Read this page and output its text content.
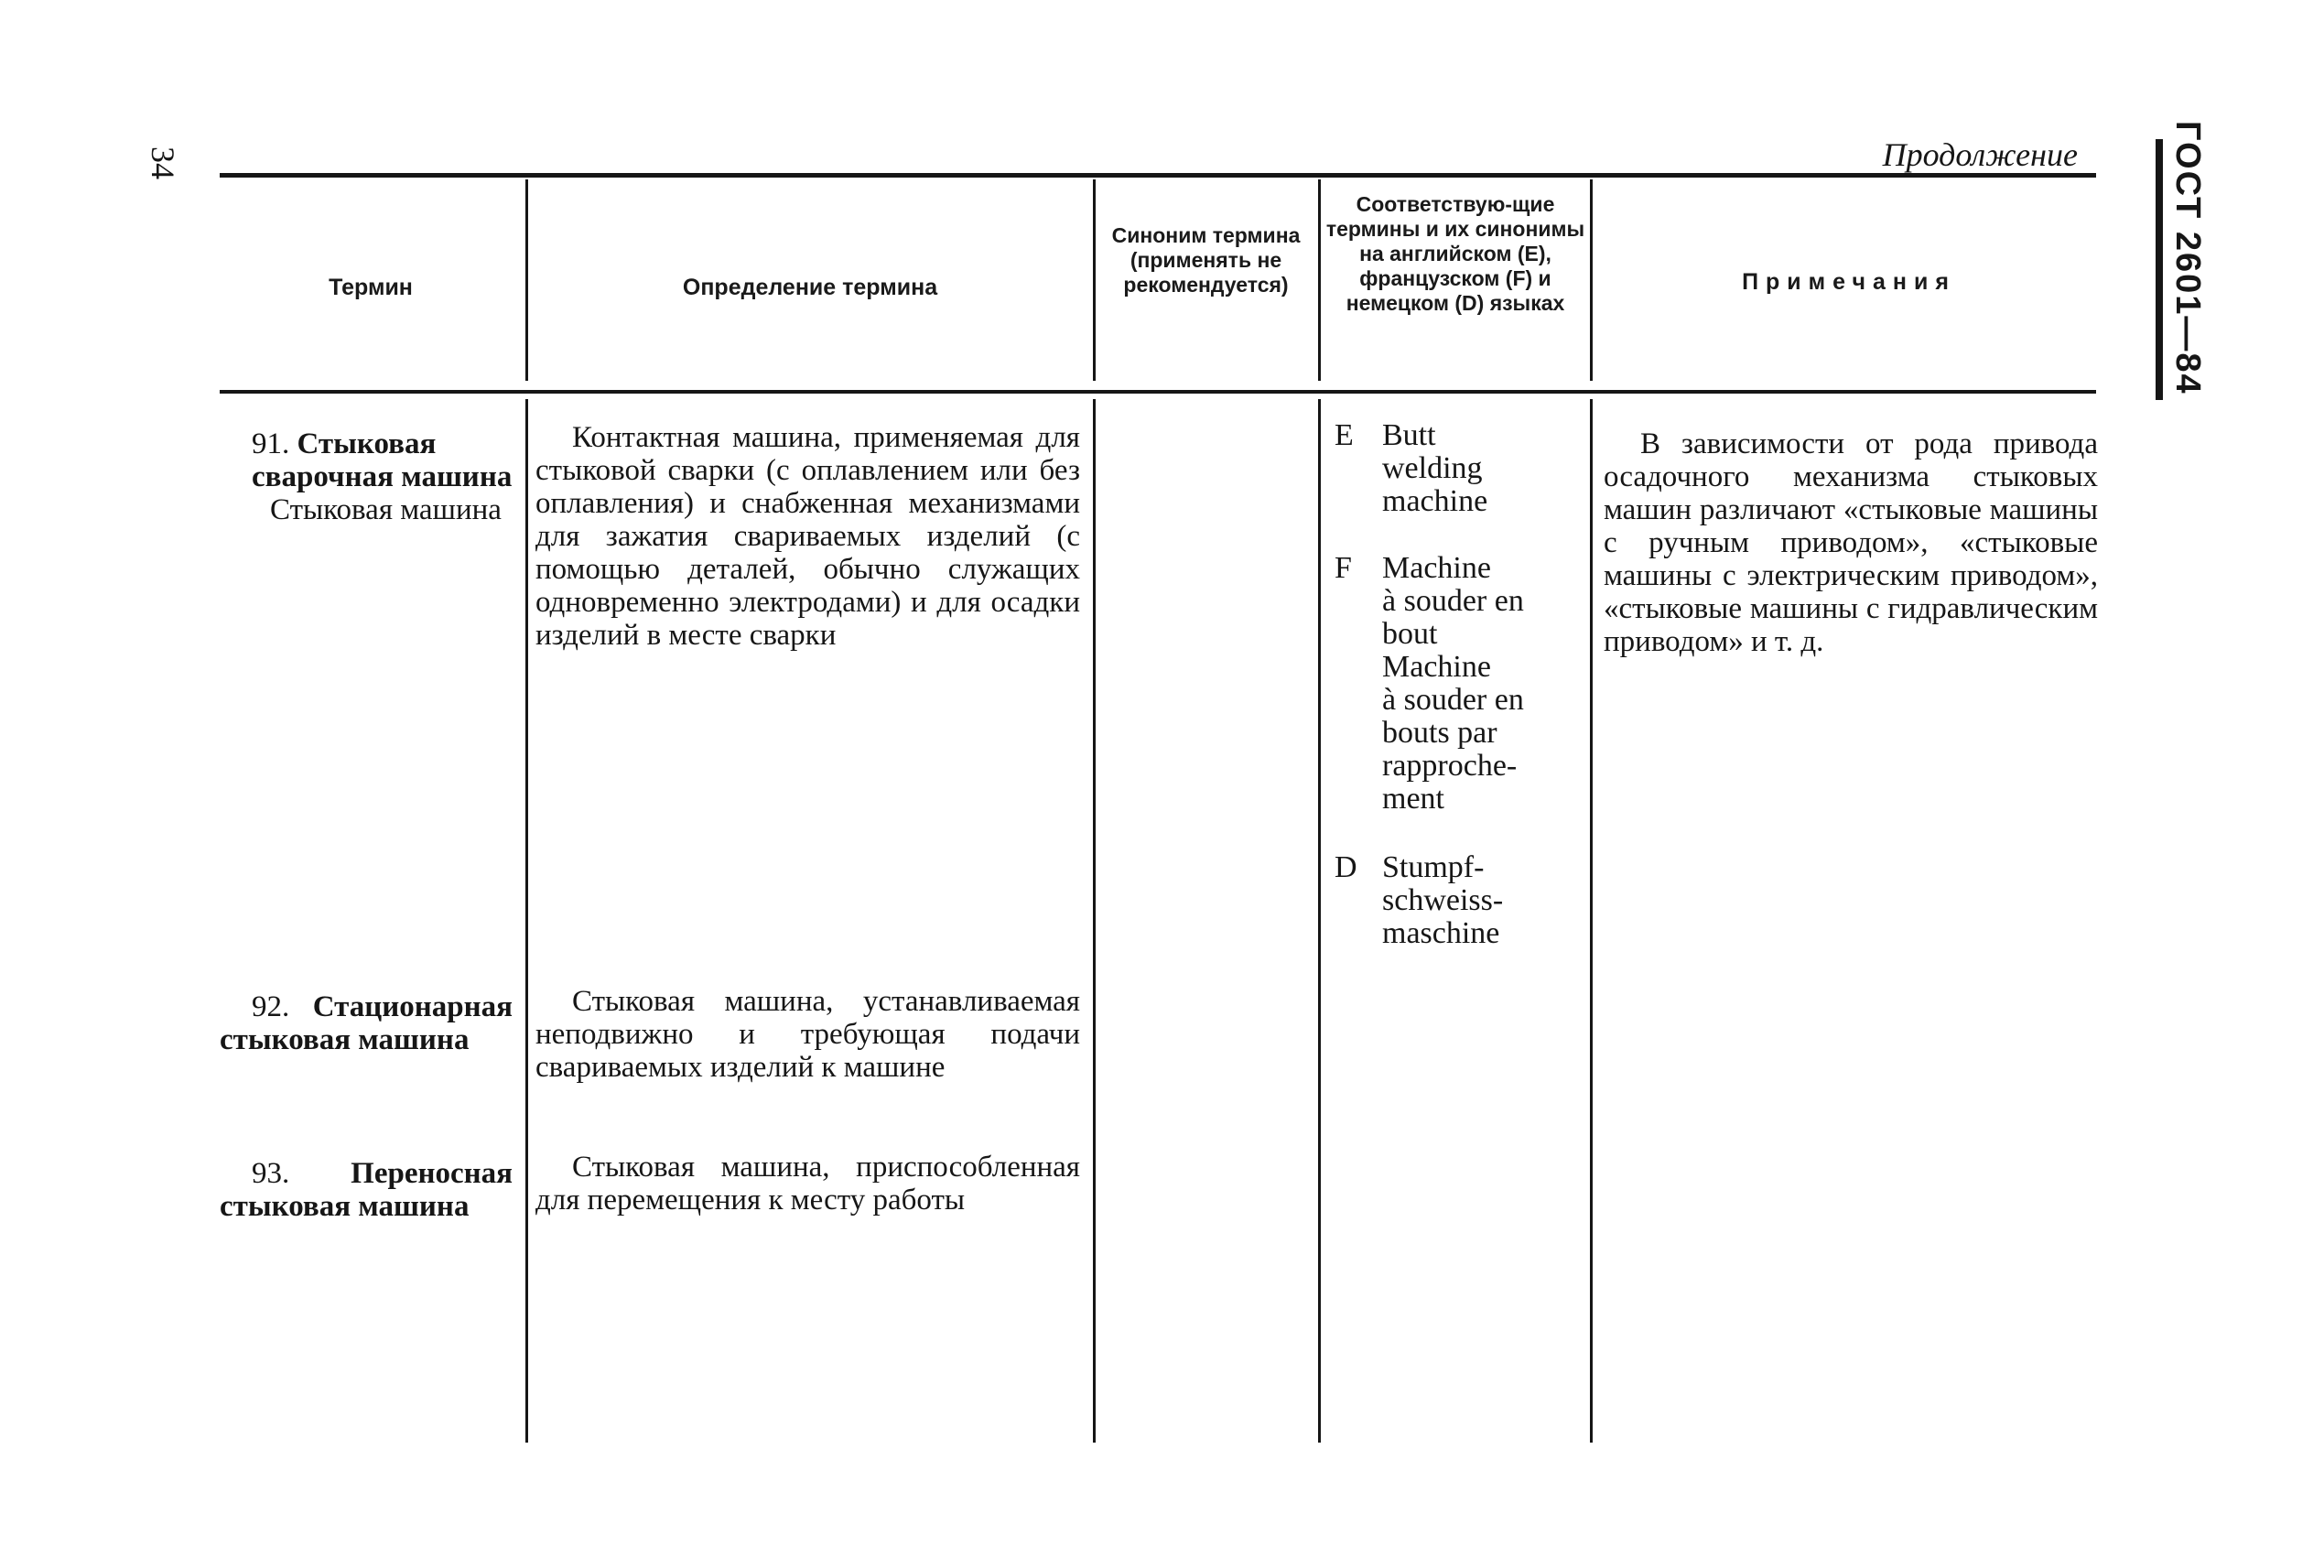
34	ГОСТ 2601—84
Продолжение
Термин	Определение термина
Синоним термина (применять не рекомендуется)
Соответствую-щие термины и их синонимы на английском (Е), французском (F) и немецком (D) языках
Примечания
91. Стыковая сварочная машина
Стыковая машина
Контактная машина, применяемая для стыковой сварки (с оплавлением или без оплавления) и снабженная механизмами для зажатия свариваемых изделий (с помощью деталей, обычно служащих одновременно электродами) и для осадки изделий в месте сварки
E Butt
welding
machine
F Machine
à souder en
bout
Machine
à souder en
bouts par
rapproche-
ment
D Stumpf-
schweiss-
maschine
В зависимости от рода привода осадочного механизма стыковых машин различают «стыковые машины с ручным приводом», «стыковые машины с электрическим приводом», «стыковые машины с гидравлическим приводом» и т. д.
92. Стационарная стыковая машина
Стыковая машина, устанавливаемая неподвижно и требующая подачи свариваемых изделий к машине
93. Переносная стыковая машина
Стыковая машина, приспособленная для перемещения к месту работы
